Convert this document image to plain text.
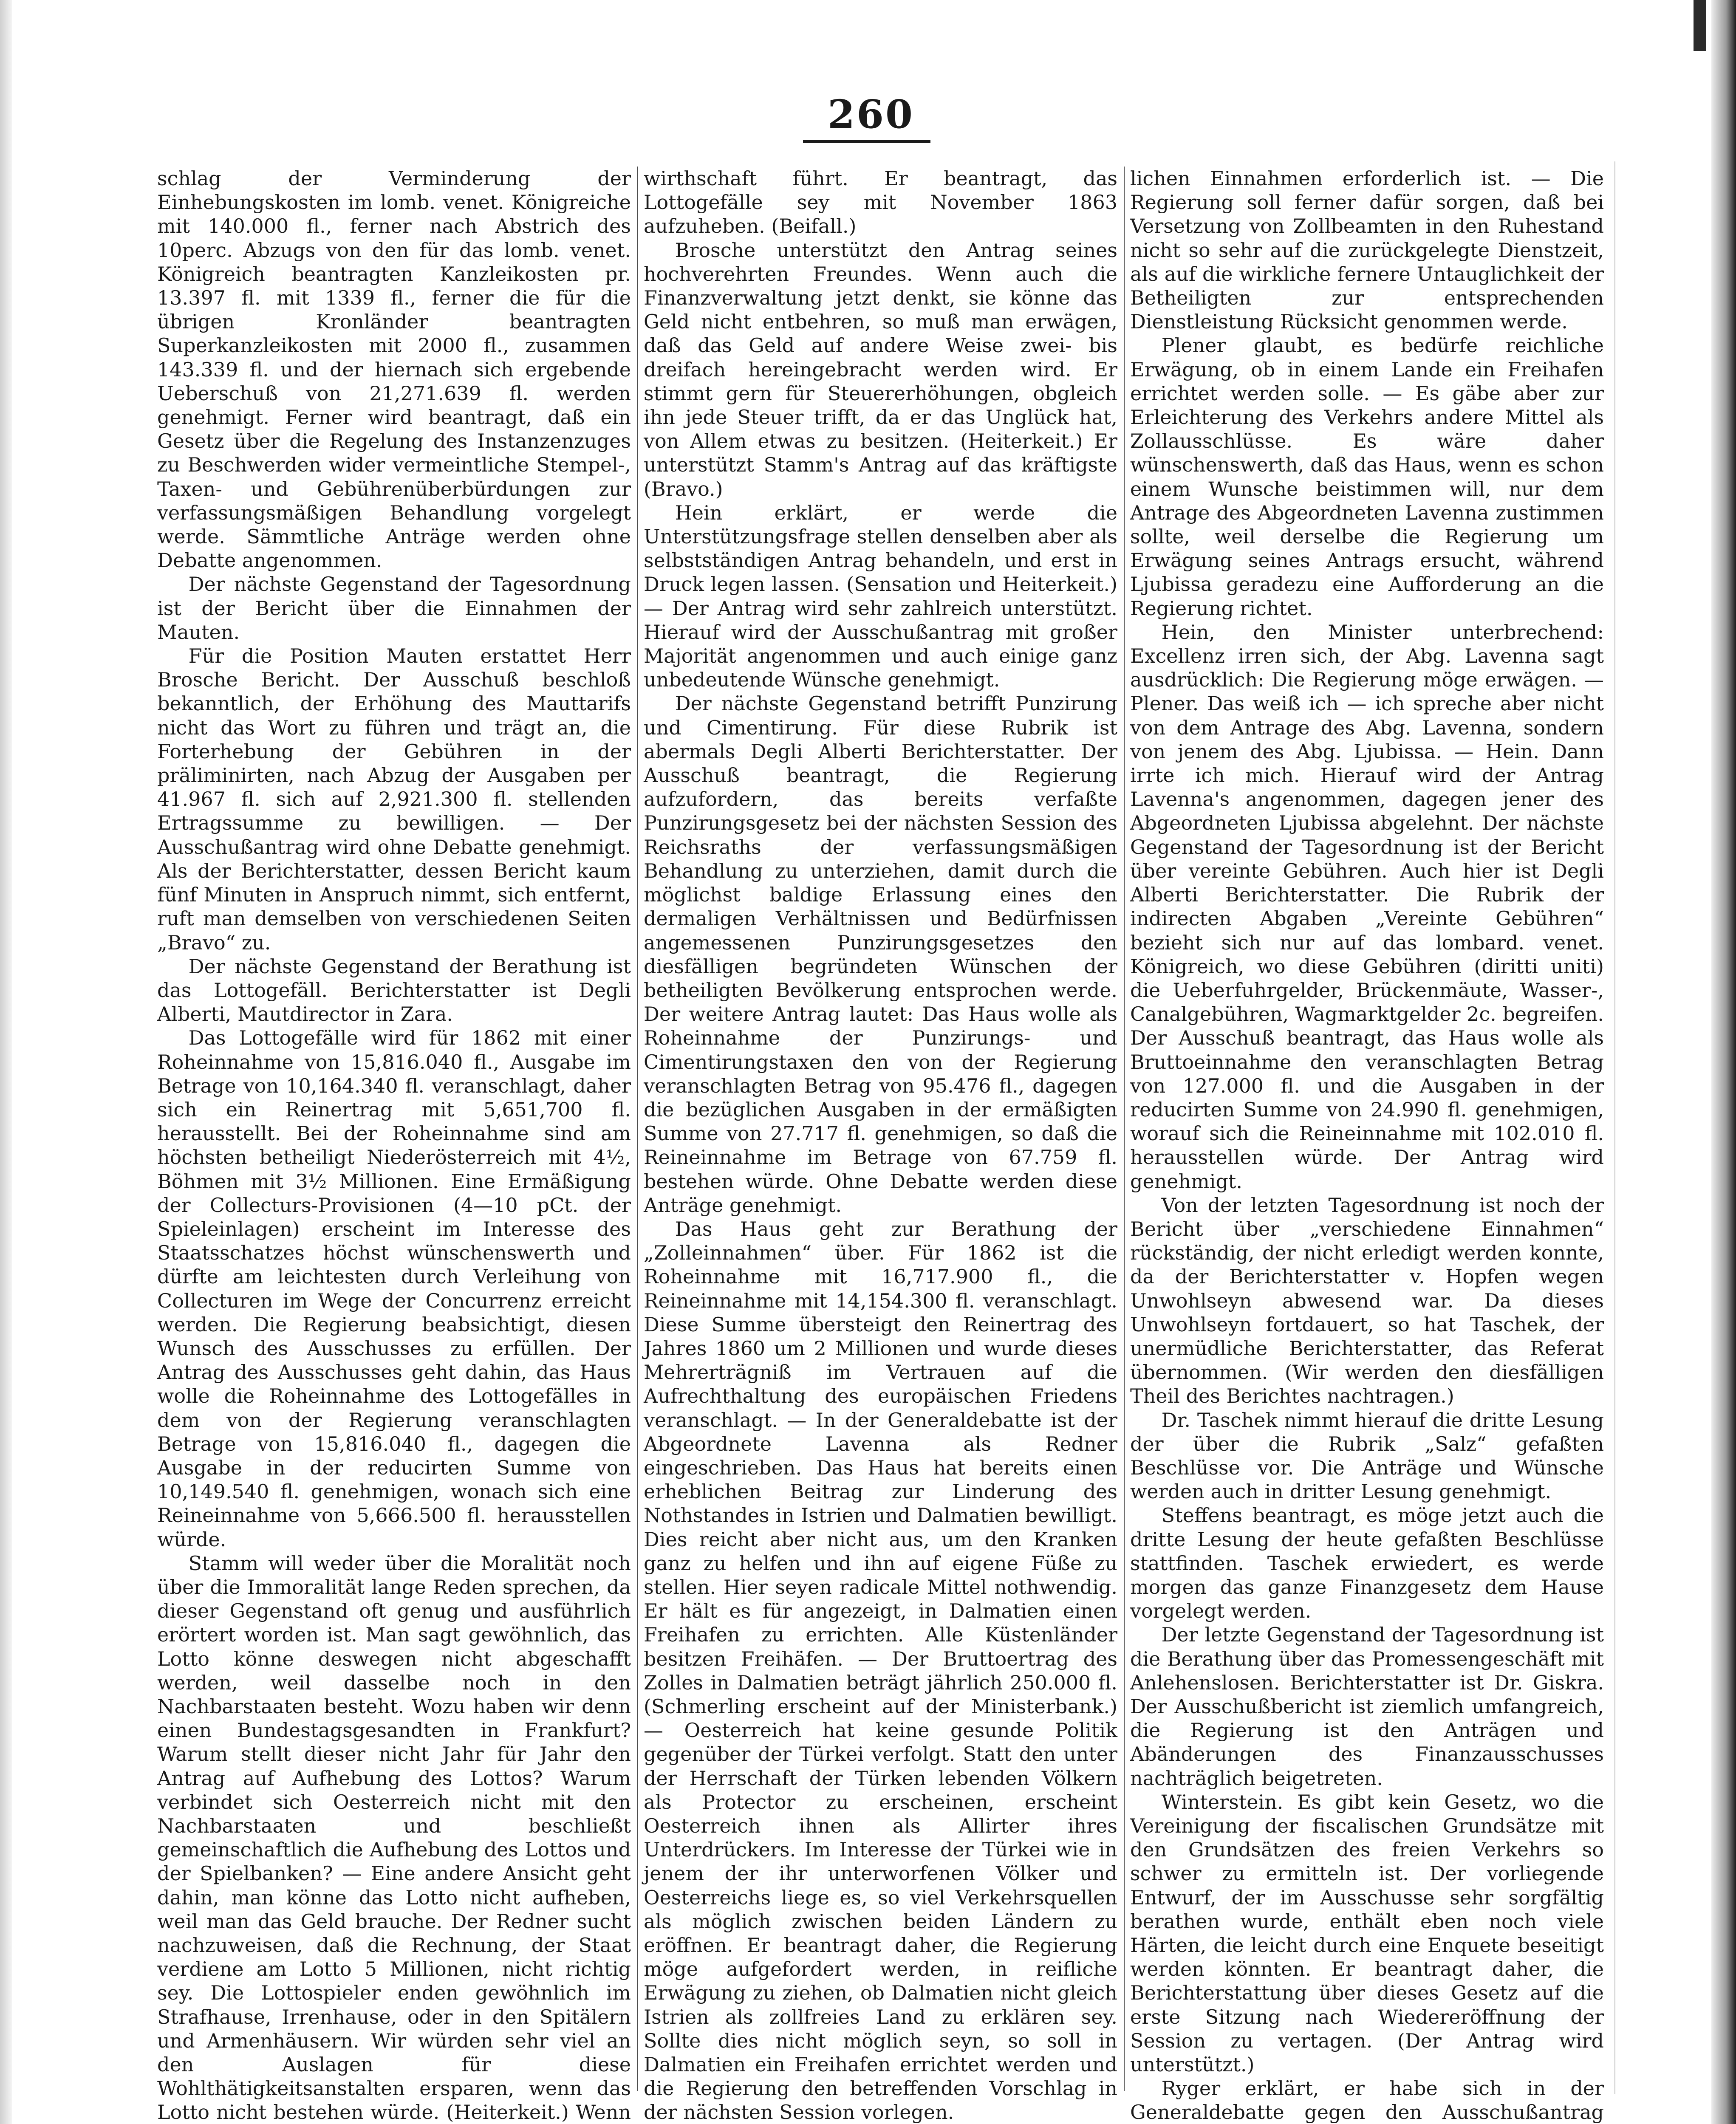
260

schlag der Verminderung der Einhebungskosten im lomb. venet. Königreiche mit 140.000 fl., ferner nach Abstrich des 10perc. Abzugs von den für das lomb. venet. Königreich beantragten Kanzleikosten pr. 13.397 fl. mit 1339 fl., ferner die für die übrigen Kronländer beantragten Superkanzleikosten mit 2000 fl., zusammen 143.339 fl. und der hiernach sich ergebende Ueberschuß von 21,271.639 fl. werden genehmigt. Ferner wird beantragt, daß ein Gesetz über die Regelung des Instanzenzuges zu Beschwerden wider vermeintliche Stempel-, Taxen- und Gebührenüberbürdungen zur verfassungsmäßigen Behandlung vorgelegt werde. Sämmtliche Anträge werden ohne Debatte angenommen.

Der nächste Gegenstand der Tagesordnung ist der Bericht über die Einnahmen der Mauten.

Für die Position Mauten erstattet Herr Brosche Bericht. Der Ausschuß beschloß bekanntlich, der Erhöhung des Mauttarifs nicht das Wort zu führen und trägt an, die Forterhebung der Gebühren in der präliminirten, nach Abzug der Ausgaben per 41.967 fl. sich auf 2,921.300 fl. stellenden Ertragssumme zu bewilligen. — Der Ausschußantrag wird ohne Debatte genehmigt. Als der Berichterstatter, dessen Bericht kaum fünf Minuten in Anspruch nimmt, sich entfernt, ruft man demselben von verschiedenen Seiten „Bravo“ zu.

Der nächste Gegenstand der Berathung ist das Lottogefäll. Berichterstatter ist Degli Alberti, Mautdirector in Zara.

Das Lottogefälle wird für 1862 mit einer Roheinnahme von 15,816.040 fl., Ausgabe im Betrage von 10,164.340 fl. veranschlagt, daher sich ein Reinertrag mit 5,651,700 fl. herausstellt. Bei der Roheinnahme sind am höchsten betheiligt Niederösterreich mit 4½, Böhmen mit 3½ Millionen. Eine Ermäßigung der Collecturs-Provisionen (4—10 pCt. der Spieleinlagen) erscheint im Interesse des Staatsschatzes höchst wünschenswerth und dürfte am leichtesten durch Verleihung von Collecturen im Wege der Concurrenz erreicht werden. Die Regierung beabsichtigt, diesen Wunsch des Ausschusses zu erfüllen. Der Antrag des Ausschusses geht dahin, das Haus wolle die Roheinnahme des Lottogefälles in dem von der Regierung veranschlagten Betrage von 15,816.040 fl., dagegen die Ausgabe in der reducirten Summe von 10,149.540 fl. genehmigen, wonach sich eine Reineinnahme von 5,666.500 fl. herausstellen würde.

Stamm will weder über die Moralität noch über die Immoralität lange Reden sprechen, da dieser Gegenstand oft genug und ausführlich erörtert worden ist. Man sagt gewöhnlich, das Lotto könne deswegen nicht abgeschafft werden, weil dasselbe noch in den Nachbarstaaten besteht. Wozu haben wir denn einen Bundestagsgesandten in Frankfurt? Warum stellt dieser nicht Jahr für Jahr den Antrag auf Aufhebung des Lottos? Warum verbindet sich Oesterreich nicht mit den Nachbarstaaten und beschließt gemeinschaftlich die Aufhebung des Lottos und der Spielbanken? — Eine andere Ansicht geht dahin, man könne das Lotto nicht aufheben, weil man das Geld brauche. Der Redner sucht nachzuweisen, daß die Rechnung, der Staat verdiene am Lotto 5 Millionen, nicht richtig sey. Die Lottospieler enden gewöhnlich im Strafhause, Irrenhause, oder in den Spitälern und Armenhäusern. Wir würden sehr viel an den Auslagen für diese Wohlthätigkeitsanstalten ersparen, wenn das Lotto nicht bestehen würde. (Heiterkeit.) Wenn

wirthschaft führt. Er beantragt, das Lottogefälle sey mit November 1863 aufzuheben. (Beifall.)

Brosche unterstützt den Antrag seines hochverehrten Freundes. Wenn auch die Finanzverwaltung jetzt denkt, sie könne das Geld nicht entbehren, so muß man erwägen, daß das Geld auf andere Weise zwei- bis dreifach hereingebracht werden wird. Er stimmt gern für Steuererhöhungen, obgleich ihn jede Steuer trifft, da er das Unglück hat, von Allem etwas zu besitzen. (Heiterkeit.) Er unterstützt Stamm's Antrag auf das kräftigste (Bravo.)

Hein erklärt, er werde die Unterstützungsfrage stellen denselben aber als selbstständigen Antrag behandeln, und erst in Druck legen lassen. (Sensation und Heiterkeit.) — Der Antrag wird sehr zahlreich unterstützt. Hierauf wird der Ausschußantrag mit großer Majorität angenommen und auch einige ganz unbedeutende Wünsche genehmigt.

Der nächste Gegenstand betrifft Punzirung und Cimentirung. Für diese Rubrik ist abermals Degli Alberti Berichterstatter. Der Ausschuß beantragt, die Regierung aufzufordern, das bereits verfaßte Punzirungsgesetz bei der nächsten Session des Reichsraths der verfassungsmäßigen Behandlung zu unterziehen, damit durch die möglichst baldige Erlassung eines den dermaligen Verhältnissen und Bedürfnissen angemessenen Punzirungsgesetzes den diesfälligen begründeten Wünschen der betheiligten Bevölkerung entsprochen werde. Der weitere Antrag lautet: Das Haus wolle als Roheinnahme der Punzirungs- und Cimentirungstaxen den von der Regierung veranschlagten Betrag von 95.476 fl., dagegen die bezüglichen Ausgaben in der ermäßigten Summe von 27.717 fl. genehmigen, so daß die Reineinnahme im Betrage von 67.759 fl. bestehen würde. Ohne Debatte werden diese Anträge genehmigt.

Das Haus geht zur Berathung der „Zolleinnahmen“ über. Für 1862 ist die Roheinnahme mit 16,717.900 fl., die Reineinnahme mit 14,154.300 fl. veranschlagt. Diese Summe übersteigt den Reinertrag des Jahres 1860 um 2 Millionen und wurde dieses Mehrerträgniß im Vertrauen auf die Aufrechthaltung des europäischen Friedens veranschlagt. — In der Generaldebatte ist der Abgeordnete Lavenna als Redner eingeschrieben. Das Haus hat bereits einen erheblichen Beitrag zur Linderung des Nothstandes in Istrien und Dalmatien bewilligt. Dies reicht aber nicht aus, um den Kranken ganz zu helfen und ihn auf eigene Füße zu stellen. Hier seyen radicale Mittel nothwendig. Er hält es für angezeigt, in Dalmatien einen Freihafen zu errichten. Alle Küstenländer besitzen Freihäfen. — Der Bruttoertrag des Zolles in Dalmatien beträgt jährlich 250.000 fl. (Schmerling erscheint auf der Ministerbank.) — Oesterreich hat keine gesunde Politik gegenüber der Türkei verfolgt. Statt den unter der Herrschaft der Türken lebenden Völkern als Protector zu erscheinen, erscheint Oesterreich ihnen als Allirter ihres Unterdrückers. Im Interesse der Türkei wie in jenem der ihr unterworfenen Völker und Oesterreichs liege es, so viel Verkehrsquellen als möglich zwischen beiden Ländern zu eröffnen. Er beantragt daher, die Regierung möge aufgefordert werden, in reifliche Erwägung zu ziehen, ob Dalmatien nicht gleich Istrien als zollfreies Land zu erklären sey. Sollte dies nicht möglich seyn, so soll in Dalmatien ein Freihafen errichtet werden und die Regierung den betreffenden Vorschlag in der nächsten Session vorlegen.

lichen Einnahmen erforderlich ist. — Die Regierung soll ferner dafür sorgen, daß bei Versetzung von Zollbeamten in den Ruhestand nicht so sehr auf die zurückgelegte Dienstzeit, als auf die wirkliche fernere Untauglichkeit der Betheiligten zur entsprechenden Dienstleistung Rücksicht genommen werde.

Plener glaubt, es bedürfe reichliche Erwägung, ob in einem Lande ein Freihafen errichtet werden solle. — Es gäbe aber zur Erleichterung des Verkehrs andere Mittel als Zollausschlüsse. Es wäre daher wünschenswerth, daß das Haus, wenn es schon einem Wunsche beistimmen will, nur dem Antrage des Abgeordneten Lavenna zustimmen sollte, weil derselbe die Regierung um Erwägung seines Antrags ersucht, während Ljubissa geradezu eine Aufforderung an die Regierung richtet.

Hein, den Minister unterbrechend: Excellenz irren sich, der Abg. Lavenna sagt ausdrücklich: Die Regierung möge erwägen. — Plener. Das weiß ich — ich spreche aber nicht von dem Antrage des Abg. Lavenna, sondern von jenem des Abg. Ljubissa. — Hein. Dann irrte ich mich. Hierauf wird der Antrag Lavenna's angenommen, dagegen jener des Abgeordneten Ljubissa abgelehnt. Der nächste Gegenstand der Tagesordnung ist der Bericht über vereinte Gebühren. Auch hier ist Degli Alberti Berichterstatter. Die Rubrik der indirecten Abgaben „Vereinte Gebühren“ bezieht sich nur auf das lombard. venet. Königreich, wo diese Gebühren (diritti uniti) die Ueberfuhrgelder, Brückenmäute, Wasser-, Canalgebühren, Wagmarktgelder 2c. begreifen. Der Ausschuß beantragt, das Haus wolle als Bruttoeinnahme den veranschlagten Betrag von 127.000 fl. und die Ausgaben in der reducirten Summe von 24.990 fl. genehmigen, worauf sich die Reineinnahme mit 102.010 fl. herausstellen würde. Der Antrag wird genehmigt.

Von der letzten Tagesordnung ist noch der Bericht über „verschiedene Einnahmen“ rückständig, der nicht erledigt werden konnte, da der Berichterstatter v. Hopfen wegen Unwohlseyn abwesend war. Da dieses Unwohlseyn fortdauert, so hat Taschek, der unermüdliche Berichterstatter, das Referat übernommen. (Wir werden den diesfälligen Theil des Berichtes nachtragen.)

Dr. Taschek nimmt hierauf die dritte Lesung der über die Rubrik „Salz“ gefaßten Beschlüsse vor. Die Anträge und Wünsche werden auch in dritter Lesung genehmigt.

Steffens beantragt, es möge jetzt auch die dritte Lesung der heute gefaßten Beschlüsse stattfinden. Taschek erwiedert, es werde morgen das ganze Finanzgesetz dem Hause vorgelegt werden.

Der letzte Gegenstand der Tagesordnung ist die Berathung über das Promessengeschäft mit Anlehenslosen. Berichterstatter ist Dr. Giskra. Der Ausschußbericht ist ziemlich umfangreich, die Regierung ist den Anträgen und Abänderungen des Finanzausschusses nachträglich beigetreten.

Winterstein. Es gibt kein Gesetz, wo die Vereinigung der fiscalischen Grundsätze mit den Grundsätzen des freien Verkehrs so schwer zu ermitteln ist. Der vorliegende Entwurf, der im Ausschusse sehr sorgfältig berathen wurde, enthält eben noch viele Härten, die leicht durch eine Enquete beseitigt werden könnten. Er beantragt daher, die Berichterstattung über dieses Gesetz auf die erste Sitzung nach Wiedereröffnung der Session zu vertagen. (Der Antrag wird unterstützt.)

Ryger erklärt, er habe sich in der Generaldebatte gegen den Ausschußantrag
